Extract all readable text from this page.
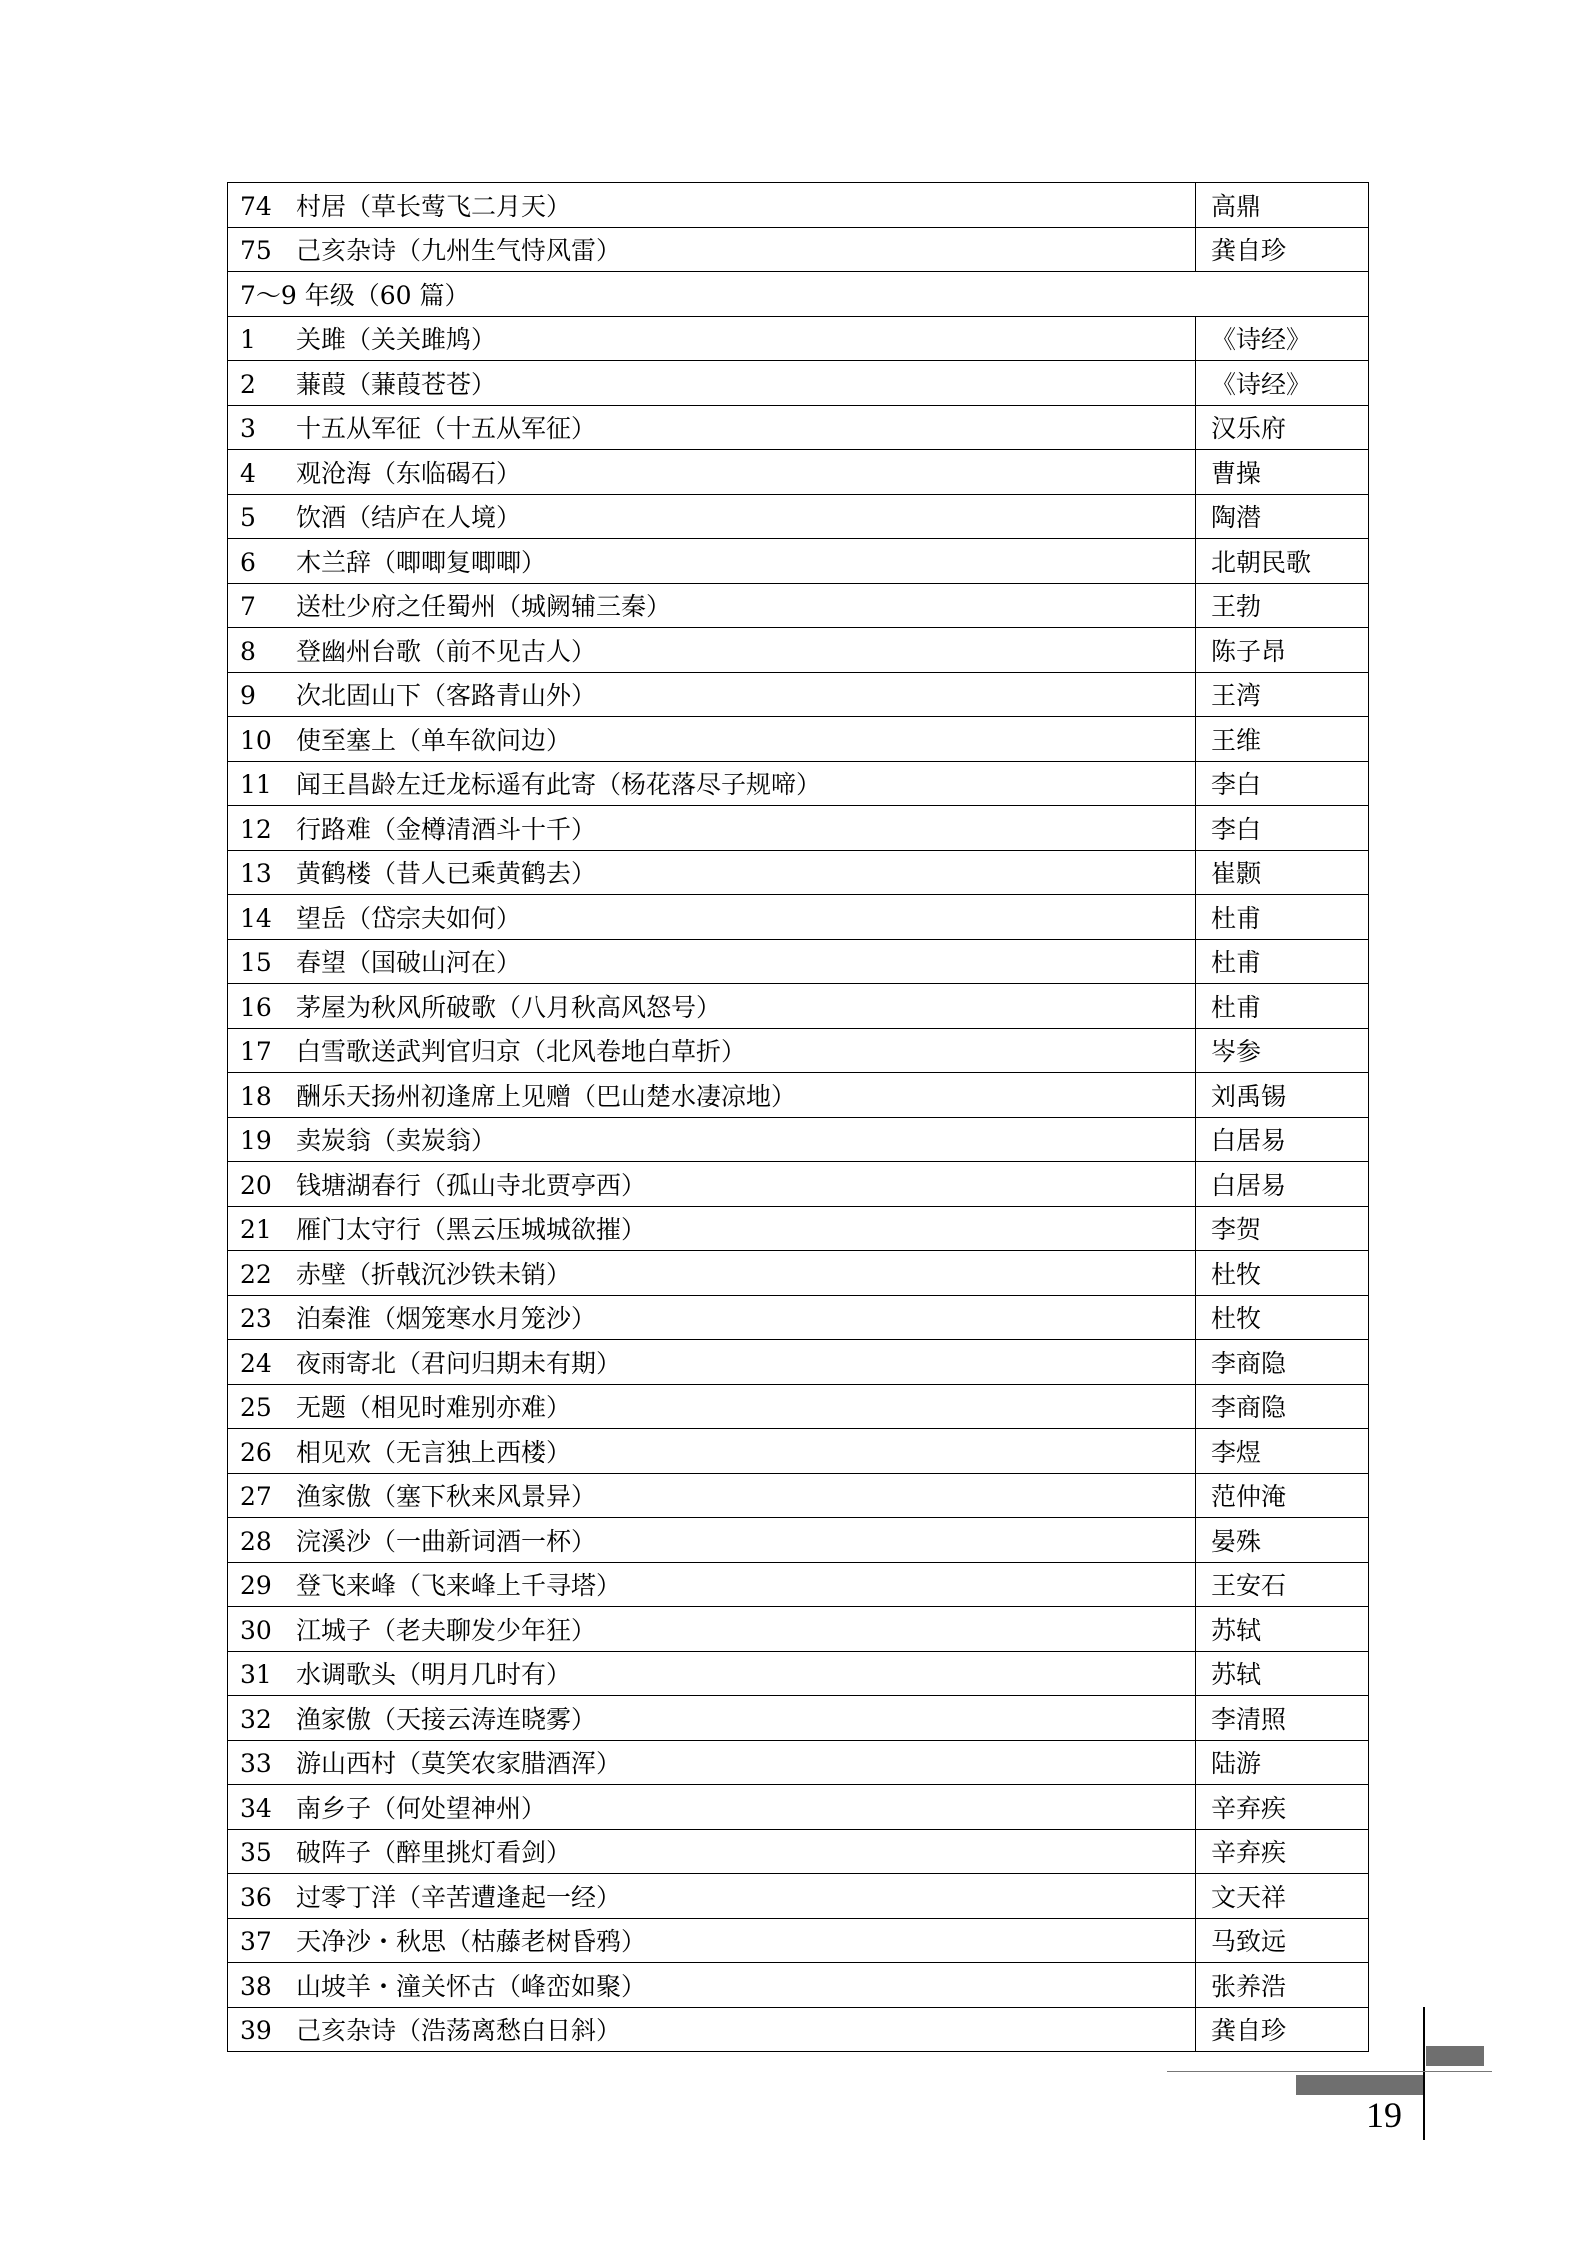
74 村居（草长莺飞二月天）	高鼎
75 己亥杂诗（九州生气恃风雷）	龚自珍
7～9 年级（60 篇）	
1 关雎（关关雎鸠）	《诗经》
2 蒹葭（蒹葭苍苍）	《诗经》
3 十五从军征（十五从军征）	汉乐府
4 观沧海（东临碣石）	曹操
5 饮酒（结庐在人境）	陶潜
6 木兰辞（唧唧复唧唧）	北朝民歌
7 送杜少府之任蜀州（城阙辅三秦）	王勃
8 登幽州台歌（前不见古人）	陈子昂
9 次北固山下（客路青山外）	王湾
10 使至塞上（单车欲问边）	王维
11 闻王昌龄左迁龙标遥有此寄（杨花落尽子规啼）	李白
12 行路难（金樽清酒斗十千）	李白
13 黄鹤楼（昔人已乘黄鹤去）	崔颢
14 望岳（岱宗夫如何）	杜甫
15 春望（国破山河在）	杜甫
16 茅屋为秋风所破歌（八月秋高风怒号）	杜甫
17 白雪歌送武判官归京（北风卷地白草折）	岑参
18 酬乐天扬州初逢席上见赠（巴山楚水凄凉地）	刘禹锡
19 卖炭翁（卖炭翁）	白居易
20 钱塘湖春行（孤山寺北贾亭西）	白居易
21 雁门太守行（黑云压城城欲摧）	李贺
22 赤壁（折戟沉沙铁未销）	杜牧
23 泊秦淮（烟笼寒水月笼沙）	杜牧
24 夜雨寄北（君问归期未有期）	李商隐
25 无题（相见时难别亦难）	李商隐
26 相见欢（无言独上西楼）	李煜
27 渔家傲（塞下秋来风景异）	范仲淹
28 浣溪沙（一曲新词酒一杯）	晏殊
29 登飞来峰（飞来峰上千寻塔）	王安石
30 江城子（老夫聊发少年狂）	苏轼
31 水调歌头（明月几时有）	苏轼
32 渔家傲（天接云涛连晓雾）	李清照
33 游山西村（莫笑农家腊酒浑）	陆游
34 南乡子（何处望神州）	辛弃疾
35 破阵子（醉里挑灯看剑）	辛弃疾
36 过零丁洋（辛苦遭逢起一经）	文天祥
37 天净沙・秋思（枯藤老树昏鸦）	马致远
38 山坡羊・潼关怀古（峰峦如聚）	张养浩
39 己亥杂诗（浩荡离愁白日斜）	龚自珍
19
